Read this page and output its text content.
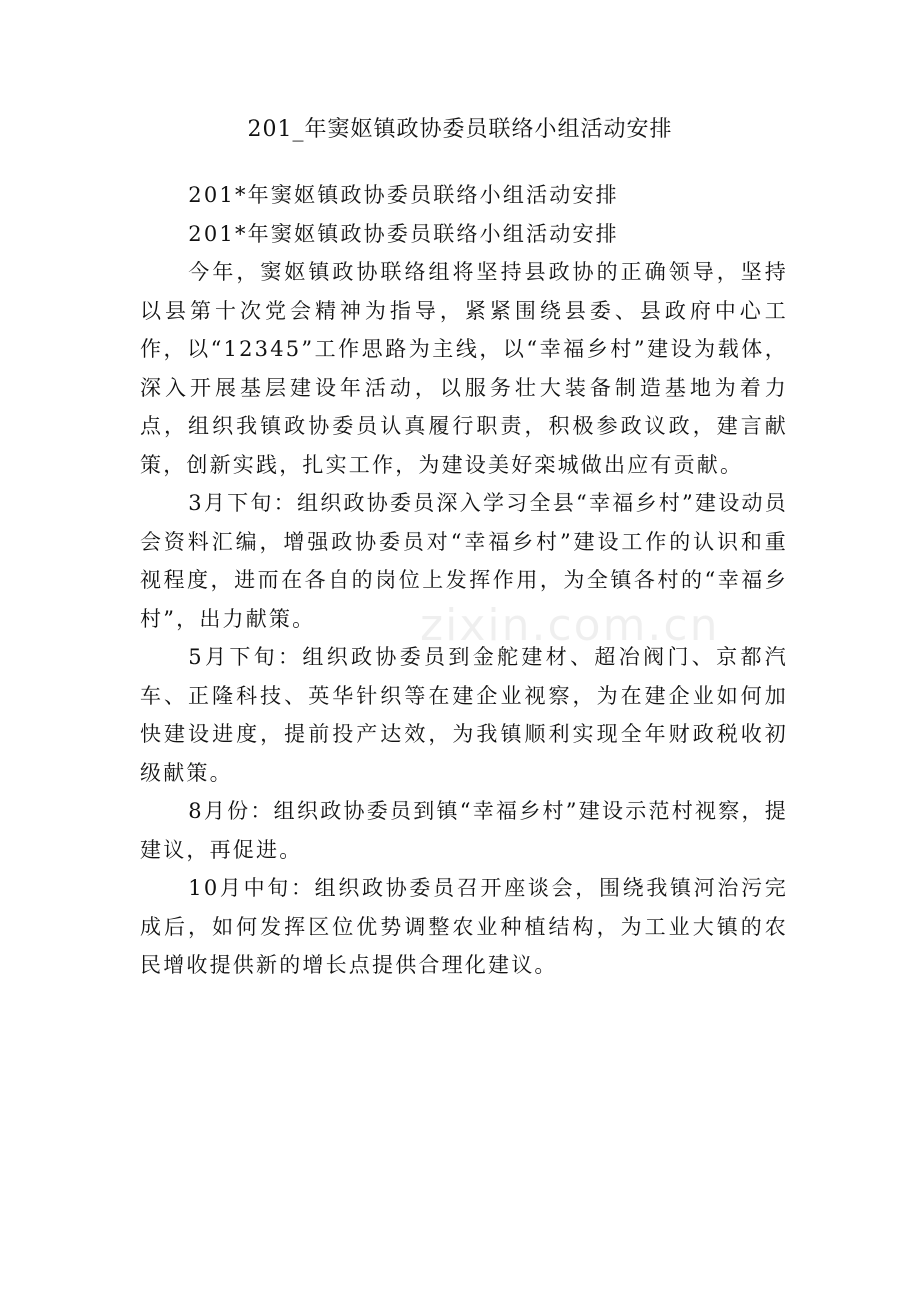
201_年窦妪镇政协委员联络小组活动安排

201*年窦妪镇政协委员联络小组活动安排

201*年窦妪镇政协委员联络小组活动安排

今年，窦妪镇政协联络组将坚持县政协的正确领导，坚持以县第十次党会精神为指导，紧紧围绕县委、县政府中心工作，以“12345”工作思路为主线，以“幸福乡村”建设为载体，深入开展基层建设年活动，以服务壮大装备制造基地为着力点，组织我镇政协委员认真履行职责，积极参政议政，建言献策，创新实践，扎实工作，为建设美好栾城做出应有贡献。

3月下旬：组织政协委员深入学习全县“幸福乡村”建设动员会资料汇编，增强政协委员对“幸福乡村”建设工作的认识和重视程度，进而在各自的岗位上发挥作用，为全镇各村的“幸福乡村”，出力献策。

5月下旬：组织政协委员到金舵建材、超冶阀门、京都汽车、正隆科技、英华针织等在建企业视察，为在建企业如何加快建设进度，提前投产达效，为我镇顺利实现全年财政税收初级献策。

8月份：组织政协委员到镇“幸福乡村”建设示范村视察，提建议，再促进。

10月中旬：组织政协委员召开座谈会，围绕我镇河治污完成后，如何发挥区位优势调整农业种植结构，为工业大镇的农民增收提供新的增长点提供合理化建议。

zixin.com.cn
